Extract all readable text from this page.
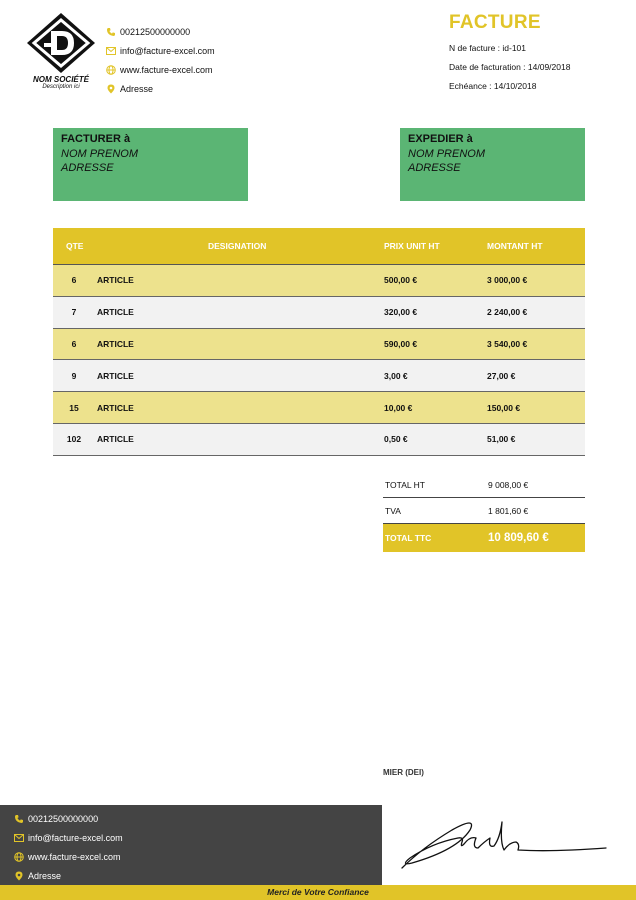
NOM SOCIÉTÉ
Description ici
00212500000000
info@facture-excel.com
www.facture-excel.com
Adresse
FACTURE
N de facture : id-101
Date de facturation : 14/09/2018
Echéance : 14/10/2018
FACTURER à
NOM PRENOM
ADRESSE
EXPEDIER à
NOM PRENOM
ADRESSE
QTE	DESIGNATION	PRIX UNIT HT	MONTANT HT
6	ARTICLE	500,00 €	3 000,00 €
7	ARTICLE	320,00 €	2 240,00 €
6	ARTICLE	590,00 €	3 540,00 €
9	ARTICLE	3,00 €	27,00 €
15	ARTICLE	10,00 €	150,00 €
102	ARTICLE	0,50 €	51,00 €
TOTAL HT	9 008,00 €
TVA	1 801,60 €
TOTAL TTC	10 809,60 €
MIER (DEI)
00212500000000
info@facture-excel.com
www.facture-excel.com
Adresse
Merci de Votre Confiance
